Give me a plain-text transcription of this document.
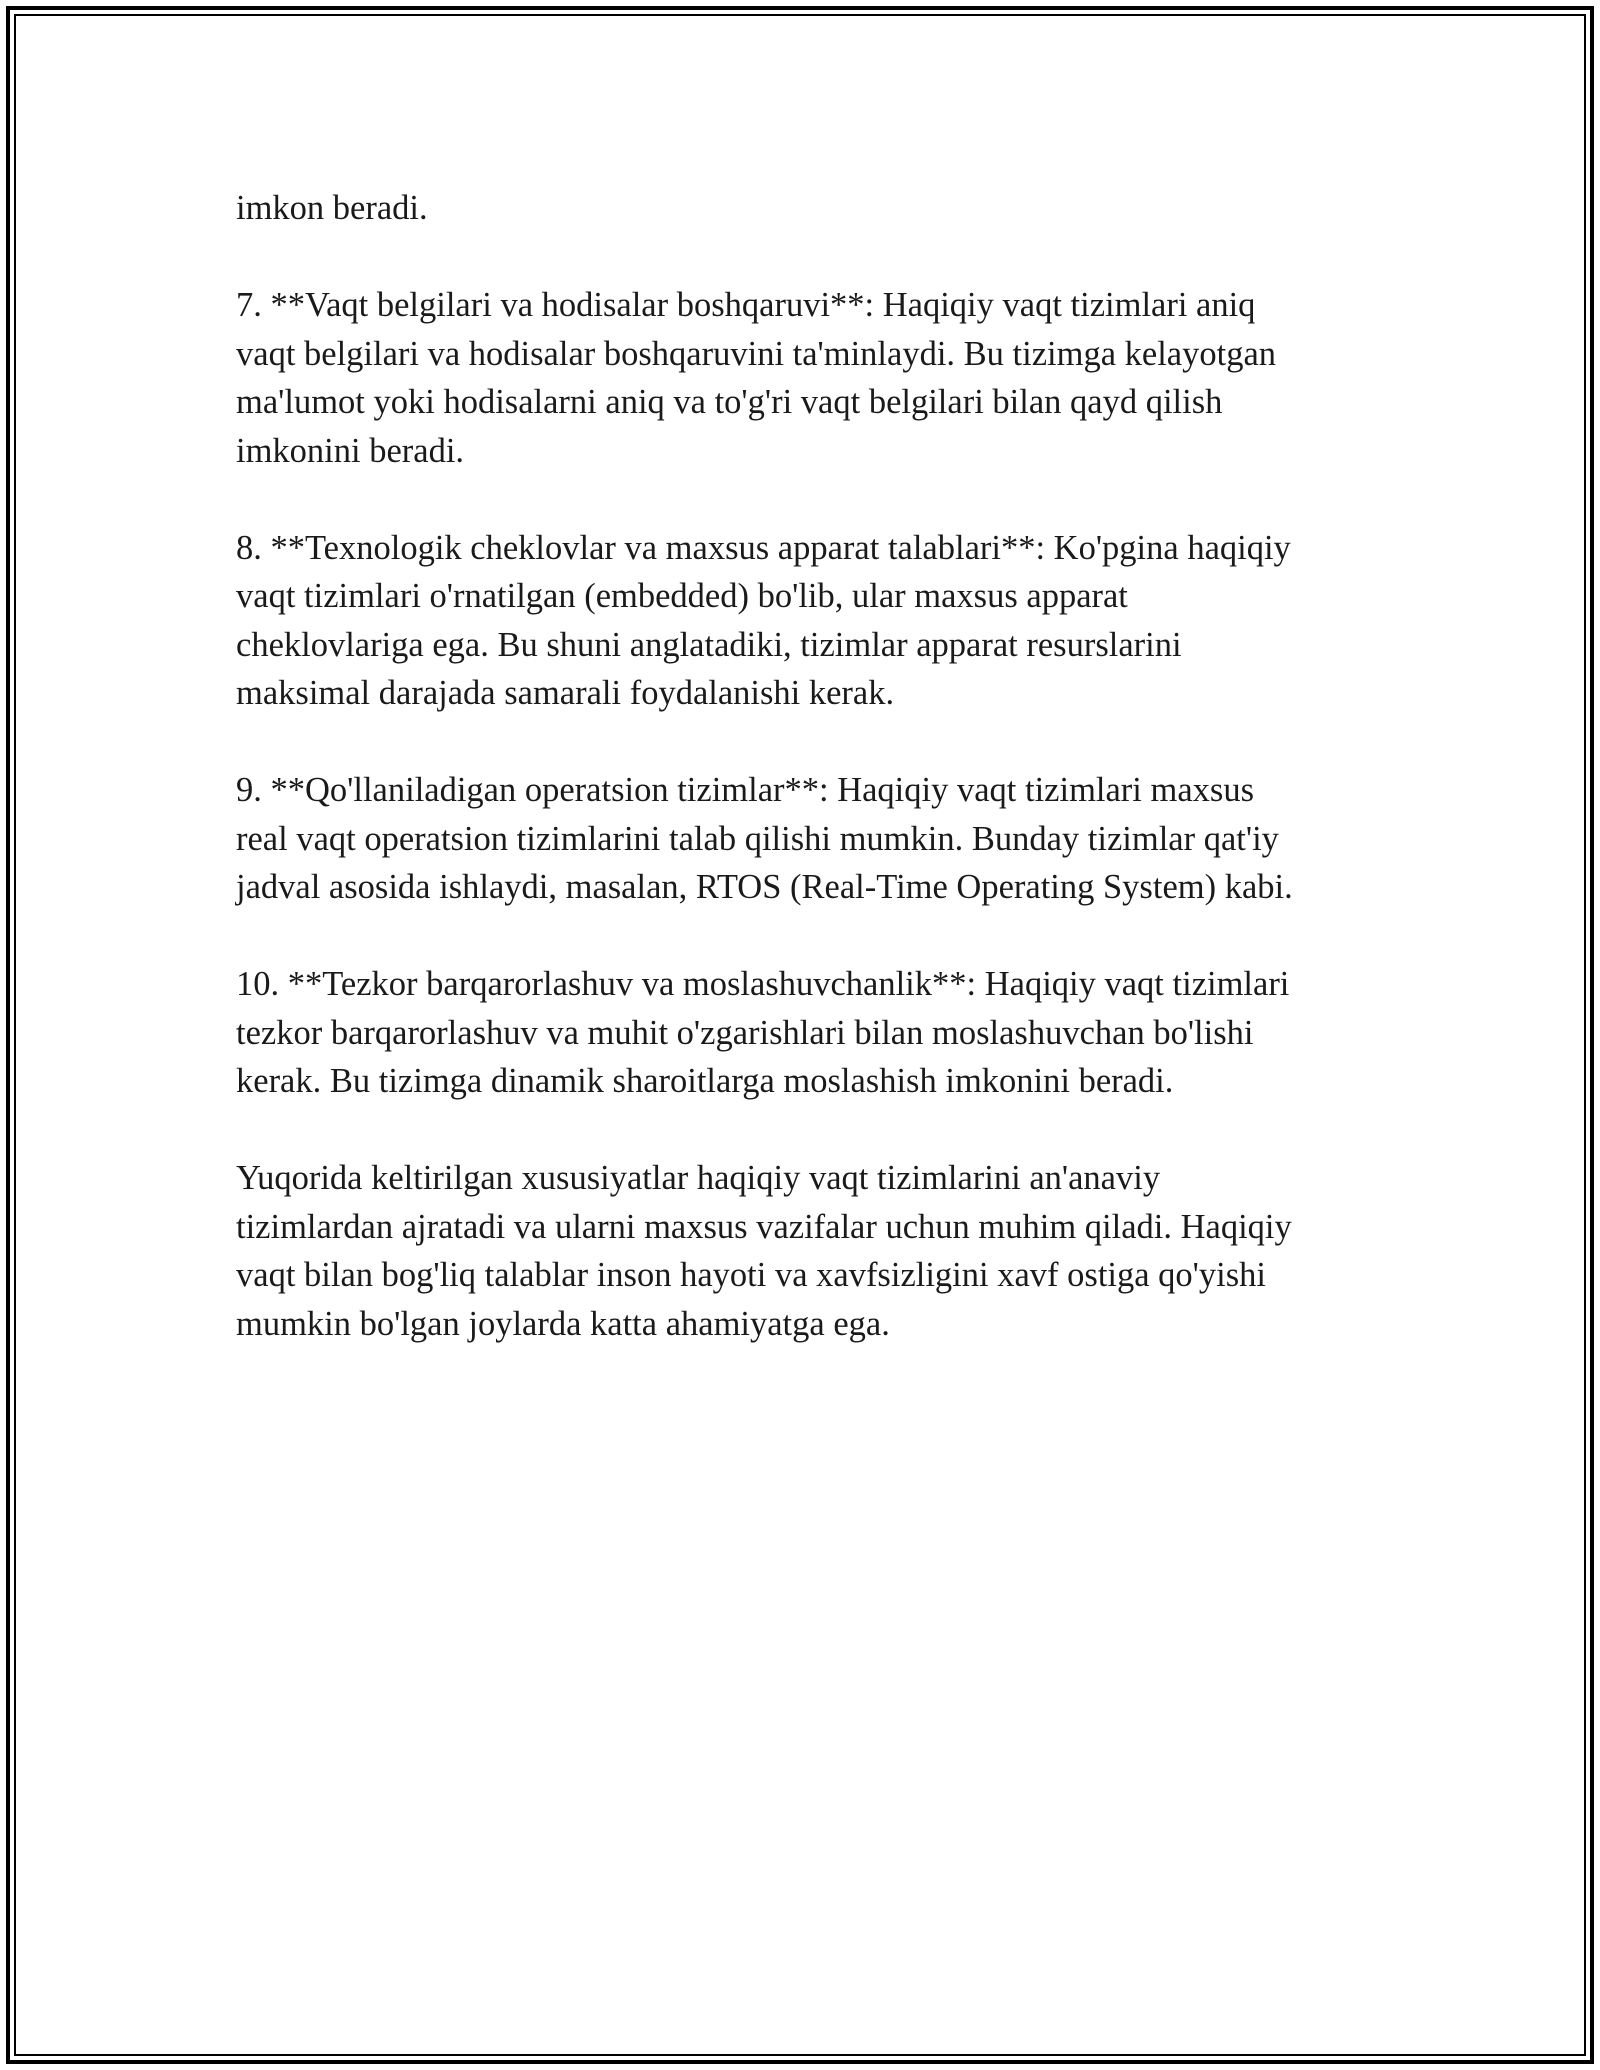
imkon beradi.

7. **Vaqt belgilari va hodisalar boshqaruvi**: Haqiqiy vaqt tizimlari aniq
vaqt belgilari va hodisalar boshqaruvini ta'minlaydi. Bu tizimga kelayotgan
ma'lumot yoki hodisalarni aniq va to'g'ri vaqt belgilari bilan qayd qilish
imkonini beradi.

8. **Texnologik cheklovlar va maxsus apparat talablari**: Ko'pgina haqiqiy
vaqt tizimlari o'rnatilgan (embedded) bo'lib, ular maxsus apparat
cheklovlariga ega. Bu shuni anglatadiki, tizimlar apparat resurslarini
maksimal darajada samarali foydalanishi kerak.

9. **Qo'llaniladigan operatsion tizimlar**: Haqiqiy vaqt tizimlari maxsus
real vaqt operatsion tizimlarini talab qilishi mumkin. Bunday tizimlar qat'iy
jadval asosida ishlaydi, masalan, RTOS (Real-Time Operating System) kabi.

10. **Tezkor barqarorlashuv va moslashuvchanlik**: Haqiqiy vaqt tizimlari
tezkor barqarorlashuv va muhit o'zgarishlari bilan moslashuvchan bo'lishi
kerak. Bu tizimga dinamik sharoitlarga moslashish imkonini beradi.

Yuqorida keltirilgan xususiyatlar haqiqiy vaqt tizimlarini an'anaviy
tizimlardan ajratadi va ularni maxsus vazifalar uchun muhim qiladi. Haqiqiy
vaqt bilan bog'liq talablar inson hayoti va xavfsizligini xavf ostiga qo'yishi
mumkin bo'lgan joylarda katta ahamiyatga ega.
